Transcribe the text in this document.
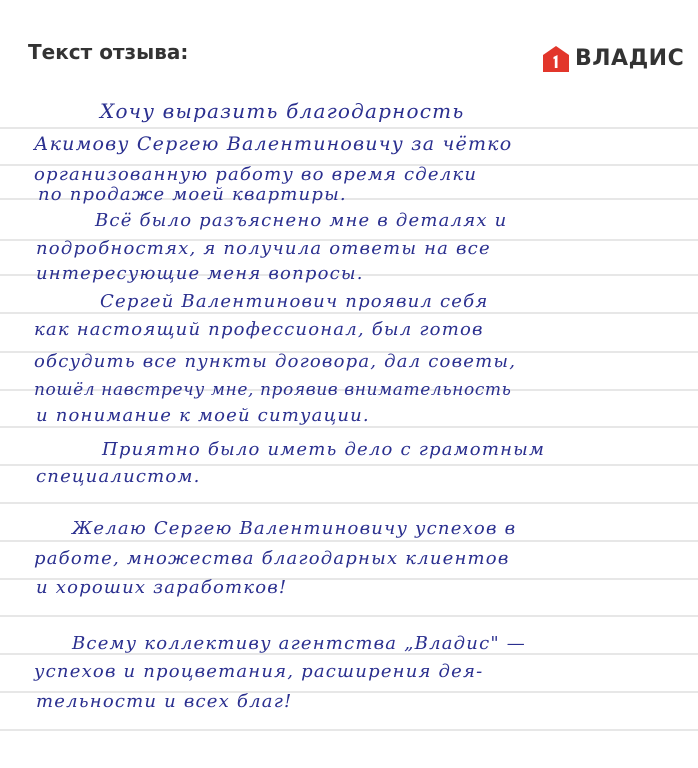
Текст отзыва:	ВЛАДИС
Хочу выразить благодарность
Акимову Сергею Валентиновичу за чётко
организованную работу во время сделки
по продаже моей квартиры.
Всё было разъяснено мне в деталях и
подробностях, я получила ответы на все
интересующие меня вопросы.
Сергей Валентинович проявил себя
как настоящий профессионал, был готов
обсудить все пункты договора, дал советы,
пошёл навстречу мне, проявив внимательность
и понимание к моей ситуации.
Приятно было иметь дело с грамотным
специалистом.
Желаю Сергею Валентиновичу успехов в
работе, множества благодарных клиентов
и хороших заработков!
Всему коллективу агентства „Владис" —
успехов и процветания, расширения дея-
тельности и всех благ!
